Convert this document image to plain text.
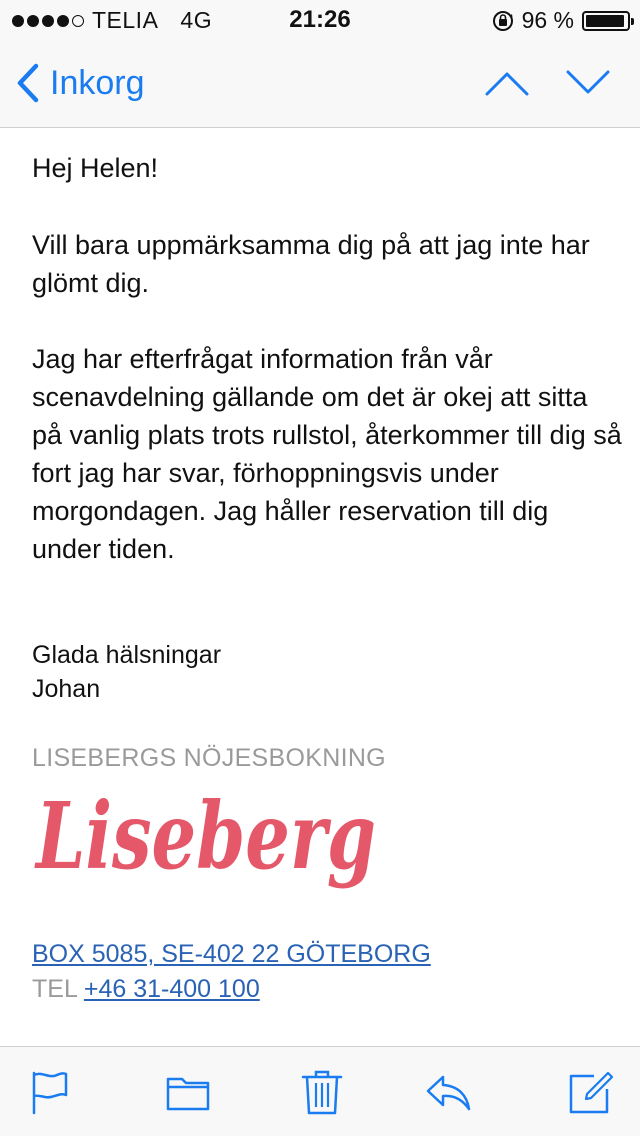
TELIA 4G	21:26	96 %
Inkorg

Hej Helen!

Vill bara uppmärksamma dig på att jag inte har glömt dig.

Jag har efterfrågat information från vår scenavdelning gällande om det är okej att sitta på vanlig plats trots rullstol, återkommer till dig så fort jag har svar, förhoppningsvis under morgondagen. Jag håller reservation till dig under tiden.

Glada hälsningar
Johan
LISEBERGS NÖJESBOKNING
Liseberg
BOX 5085, SE-402 22 GÖTEBORG
TEL +46 31-400 100
